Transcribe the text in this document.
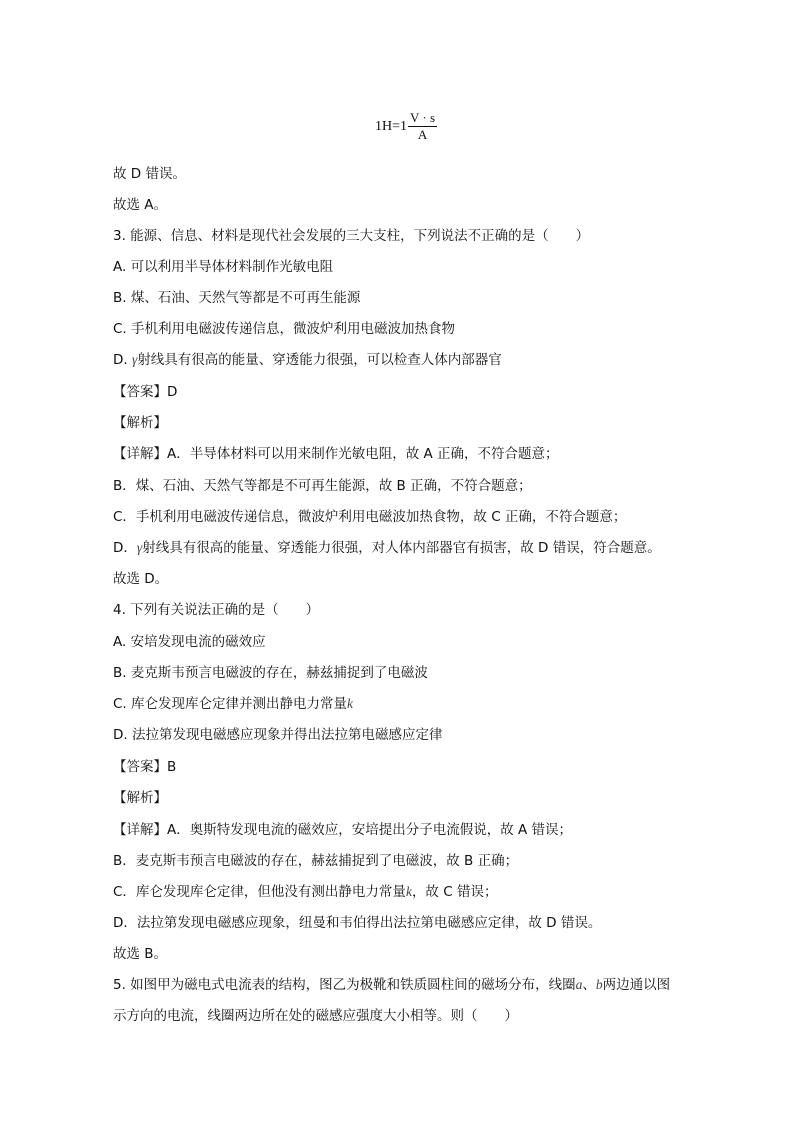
$1H=1 \frac{V \cdot s}{A}$
故 D 错误。
故选 A。
3. 能源、信息、材料是现代社会发展的三大支柱，下列说法不正确的是（　　）
A. 可以利用半导体材料制作光敏电阻
B. 煤、石油、天然气等都是不可再生能源
C. 手机利用电磁波传递信息，微波炉利用电磁波加热食物
D. γ射线具有很高的能量、穿透能力很强，可以检查人体内部器官
【答案】D
【解析】
【详解】A．半导体材料可以用来制作光敏电阻，故 A 正确，不符合题意；
B．煤、石油、天然气等都是不可再生能源，故 B 正确，不符合题意；
C．手机利用电磁波传递信息，微波炉利用电磁波加热食物，故 C 正确，不符合题意；
D．γ射线具有很高的能量、穿透能力很强，对人体内部器官有损害，故 D 错误，符合题意。
故选 D。
4. 下列有关说法正确的是（　　）
A. 安培发现电流的磁效应
B. 麦克斯韦预言电磁波的存在，赫兹捕捉到了电磁波
C. 库仑发现库仑定律并测出静电力常量k
D. 法拉第发现电磁感应现象并得出法拉第电磁感应定律
【答案】B
【解析】
【详解】A．奥斯特发现电流的磁效应，安培提出分子电流假说，故 A 错误；
B．麦克斯韦预言电磁波的存在，赫兹捕捉到了电磁波，故 B 正确；
C．库仑发现库仑定律，但他没有测出静电力常量k，故 C 错误；
D．法拉第发现电磁感应现象，纽曼和韦伯得出法拉第电磁感应定律，故 D 错误。
故选 B。
5. 如图甲为磁电式电流表的结构，图乙为极靴和铁质圆柱间的磁场分布，线圈a、b两边通以图
示方向的电流，线圈两边所在处的磁感应强度大小相等。则（　　）
